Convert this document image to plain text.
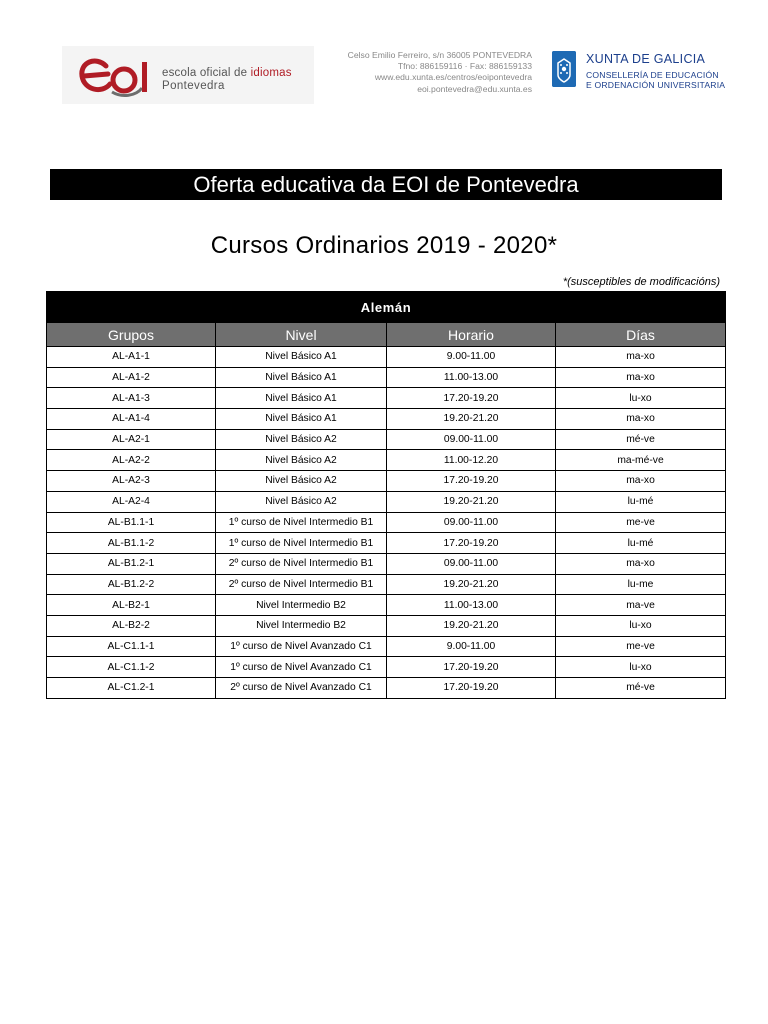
escola oficial de idiomas
Pontevedra
Celso Emilio Ferreiro, s/n 36005 PONTEVEDRA
Tfno: 886159116 · Fax: 886159133
www.edu.xunta.es/centros/eoipontevedra
eoi.pontevedra@edu.xunta.es
XUNTA DE GALICIA
CONSELLERÍA DE EDUCACIÓN
E ORDENACIÓN UNIVERSITARIA
Oferta educativa da EOI de Pontevedra
Cursos Ordinarios 2019 - 2020*
*(susceptibles de modificacións)
Alemán			
Grupos	Nivel	Horario	Días
AL-A1-1	Nivel Básico A1	9.00-11.00	ma-xo
AL-A1-2	Nivel Básico A1	11.00-13.00	ma-xo
AL-A1-3	Nivel Básico A1	17.20-19.20	lu-xo
AL-A1-4	Nivel Básico A1	19.20-21.20	ma-xo
AL-A2-1	Nivel Básico A2	09.00-11.00	mé-ve
AL-A2-2	Nivel Básico A2	11.00-12.20	ma-mé-ve
AL-A2-3	Nivel Básico A2	17.20-19.20	ma-xo
AL-A2-4	Nivel Básico A2	19.20-21.20	lu-mé
AL-B1.1-1	1º curso de Nivel Intermedio B1	09.00-11.00	me-ve
AL-B1.1-2	1º curso de Nivel Intermedio B1	17.20-19.20	lu-mé
AL-B1.2-1	2º curso de Nivel Intermedio B1	09.00-11.00	ma-xo
AL-B1.2-2	2º curso de Nivel Intermedio B1	19.20-21.20	lu-me
AL-B2-1	Nivel Intermedio B2	11.00-13.00	ma-ve
AL-B2-2	Nivel Intermedio B2	19.20-21.20	lu-xo
AL-C1.1-1	1º curso de Nivel Avanzado C1	9.00-11.00	me-ve
AL-C1.1-2	1º curso de Nivel Avanzado C1	17.20-19.20	lu-xo
AL-C1.2-1	2º curso de Nivel Avanzado C1	17.20-19.20	mé-ve
